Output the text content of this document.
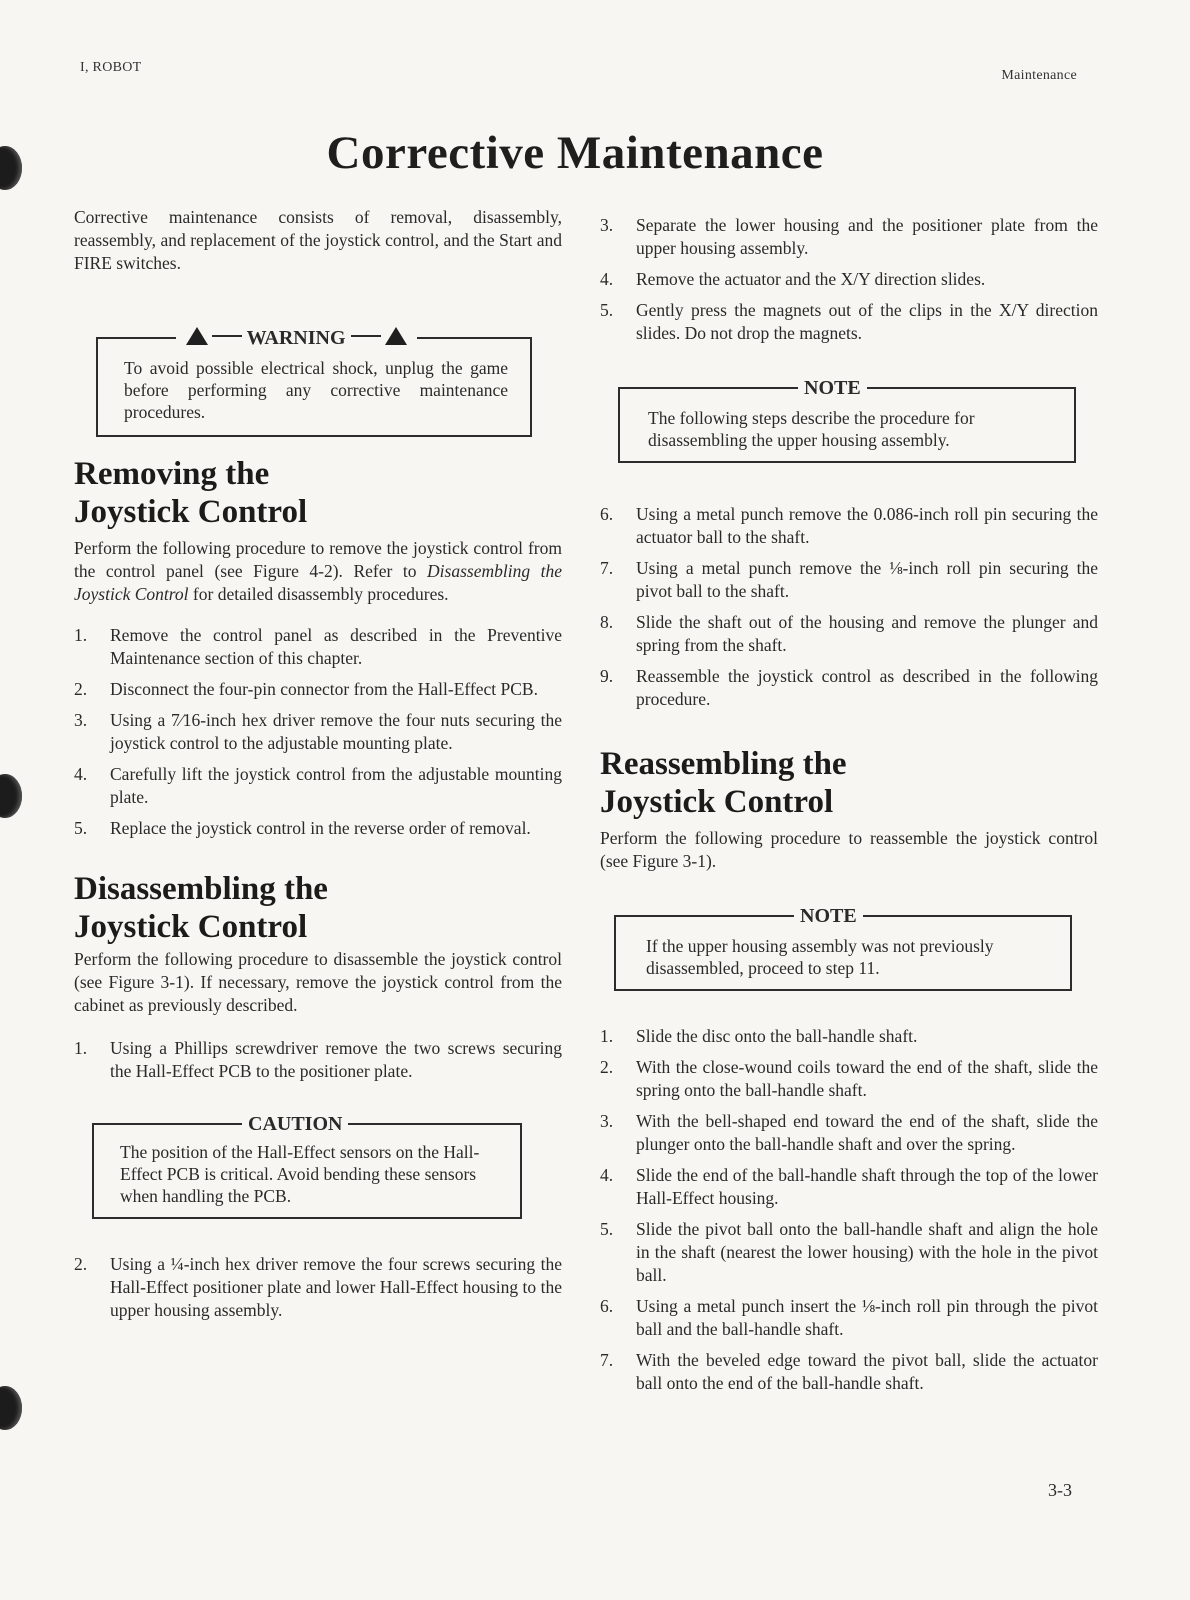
I, ROBOT
Maintenance
Corrective Maintenance

Corrective maintenance consists of removal, disassembly, reassembly, and replacement of the joystick control, and the Start and FIRE switches.

WARNING
To avoid possible electrical shock, unplug the game before performing any corrective maintenance procedures.
Removing the
Joystick Control

Perform the following procedure to remove the joystick control from the control panel (see Figure 4-2). Refer to Disassembling the Joystick Control for detailed disassembly procedures.

1. Remove the control panel as described in the Preventive Maintenance section of this chapter.
2. Disconnect the four-pin connector from the Hall-Effect PCB.
3. Using a 7⁄16-inch hex driver remove the four nuts securing the joystick control to the adjustable mounting plate.
4. Carefully lift the joystick control from the adjustable mounting plate.
5. Replace the joystick control in the reverse order of removal.
Disassembling the
Joystick Control

Perform the following procedure to disassemble the joystick control (see Figure 3-1). If necessary, remove the joystick control from the cabinet as previously described.

1. Using a Phillips screwdriver remove the two screws securing the Hall-Effect PCB to the positioner plate.
CAUTION
The position of the Hall-Effect sensors on the Hall-Effect PCB is critical. Avoid bending these sensors when handling the PCB.
2. Using a ¼-inch hex driver remove the four screws securing the Hall-Effect positioner plate and lower Hall-Effect housing to the upper housing assembly.
3. Separate the lower housing and the positioner plate from the upper housing assembly.
4. Remove the actuator and the X/Y direction slides.
5. Gently press the magnets out of the clips in the X/Y direction slides. Do not drop the magnets.
NOTE
The following steps describe the procedure for disassembling the upper housing assembly.
6. Using a metal punch remove the 0.086-inch roll pin securing the actuator ball to the shaft.
7. Using a metal punch remove the ⅛-inch roll pin securing the pivot ball to the shaft.
8. Slide the shaft out of the housing and remove the plunger and spring from the shaft.
9. Reassemble the joystick control as described in the following procedure.
Reassembling the
Joystick Control

Perform the following procedure to reassemble the joystick control (see Figure 3-1).

NOTE
If the upper housing assembly was not previously disassembled, proceed to step 11.
1. Slide the disc onto the ball-handle shaft.
2. With the close-wound coils toward the end of the shaft, slide the spring onto the ball-handle shaft.
3. With the bell-shaped end toward the end of the shaft, slide the plunger onto the ball-handle shaft and over the spring.
4. Slide the end of the ball-handle shaft through the top of the lower Hall-Effect housing.
5. Slide the pivot ball onto the ball-handle shaft and align the hole in the shaft (nearest the lower housing) with the hole in the pivot ball.
6. Using a metal punch insert the ⅛-inch roll pin through the pivot ball and the ball-handle shaft.
7. With the beveled edge toward the pivot ball, slide the actuator ball onto the end of the ball-handle shaft.
3-3
